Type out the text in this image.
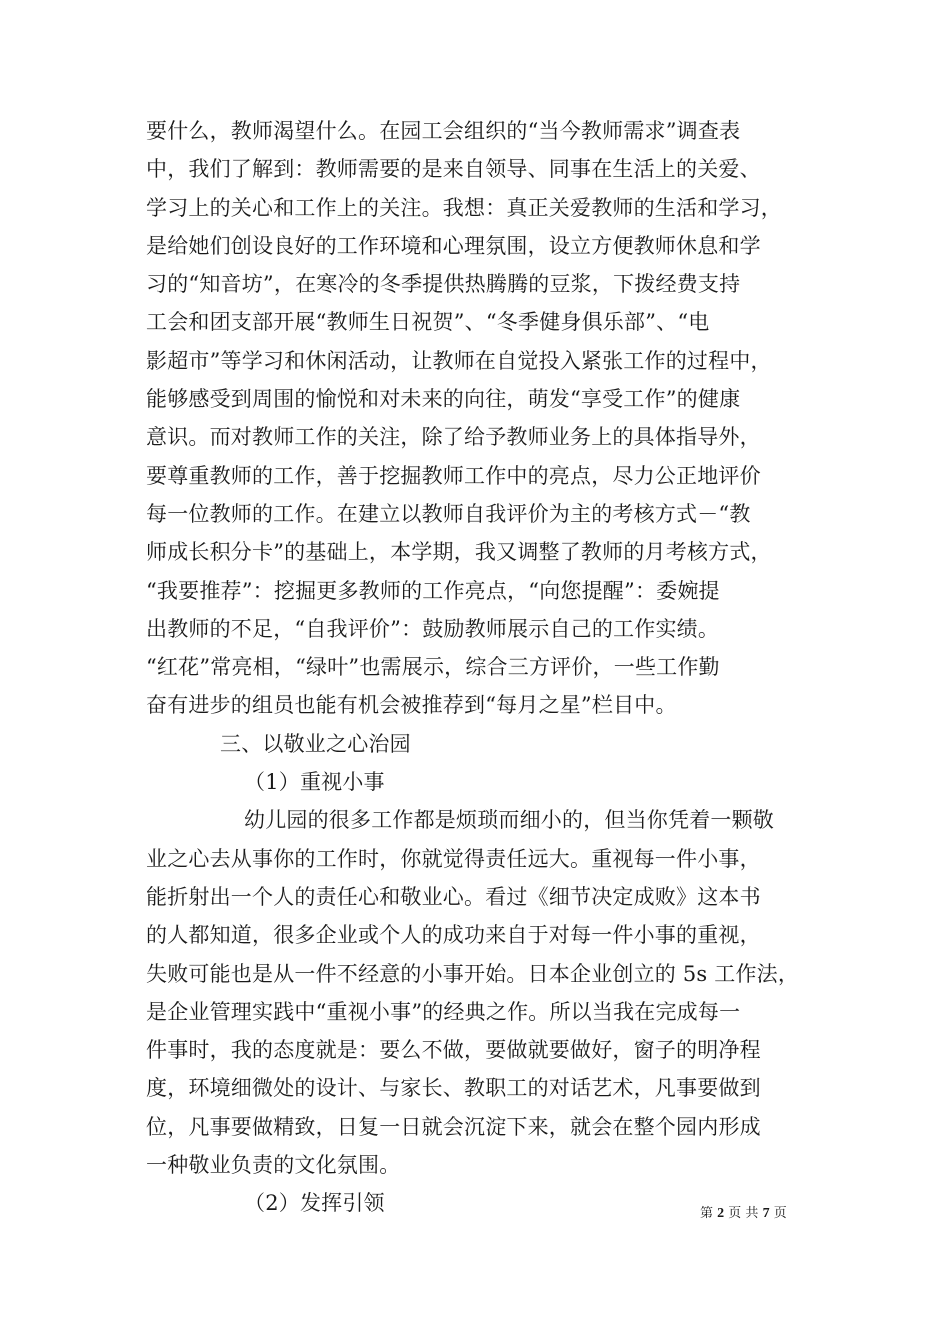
要什么，教师渴望什么。在园工会组织的“当今教师需求”调查表
中，我们了解到：教师需要的是来自领导、同事在生活上的关爱、
学习上的关心和工作上的关注。我想：真正关爱教师的生活和学习，
是给她们创设良好的工作环境和心理氛围，设立方便教师休息和学
习的“知音坊”，在寒冷的冬季提供热腾腾的豆浆，下拨经费支持
工会和团支部开展“教师生日祝贺”、“冬季健身俱乐部”、“电
影超市”等学习和休闲活动，让教师在自觉投入紧张工作的过程中，
能够感受到周围的愉悦和对未来的向往，萌发“享受工作”的健康
意识。而对教师工作的关注，除了给予教师业务上的具体指导外，
要尊重教师的工作，善于挖掘教师工作中的亮点，尽力公正地评价
每一位教师的工作。在建立以教师自我评价为主的考核方式－“教
师成长积分卡”的基础上，本学期，我又调整了教师的月考核方式，
“我要推荐”：挖掘更多教师的工作亮点，“向您提醒”：委婉提
出教师的不足，“自我评价”：鼓励教师展示自己的工作实绩。
“红花”常亮相，“绿叶”也需展示，综合三方评价，一些工作勤
奋有进步的组员也能有机会被推荐到“每月之星”栏目中。
三、以敬业之心治园
（1）重视小事
幼儿园的很多工作都是烦琐而细小的，但当你凭着一颗敬
业之心去从事你的工作时，你就觉得责任远大。重视每一件小事，
能折射出一个人的责任心和敬业心。看过《细节决定成败》这本书
的人都知道，很多企业或个人的成功来自于对每一件小事的重视，
失败可能也是从一件不经意的小事开始。日本企业创立的 5s 工作法，
是企业管理实践中“重视小事”的经典之作。所以当我在完成每一
件事时，我的态度就是：要么不做，要做就要做好，窗子的明净程
度，环境细微处的设计、与家长、教职工的对话艺术，凡事要做到
位，凡事要做精致，日复一日就会沉淀下来，就会在整个园内形成
一种敬业负责的文化氛围。
（2）发挥引领	第 2 页 共 7 页
